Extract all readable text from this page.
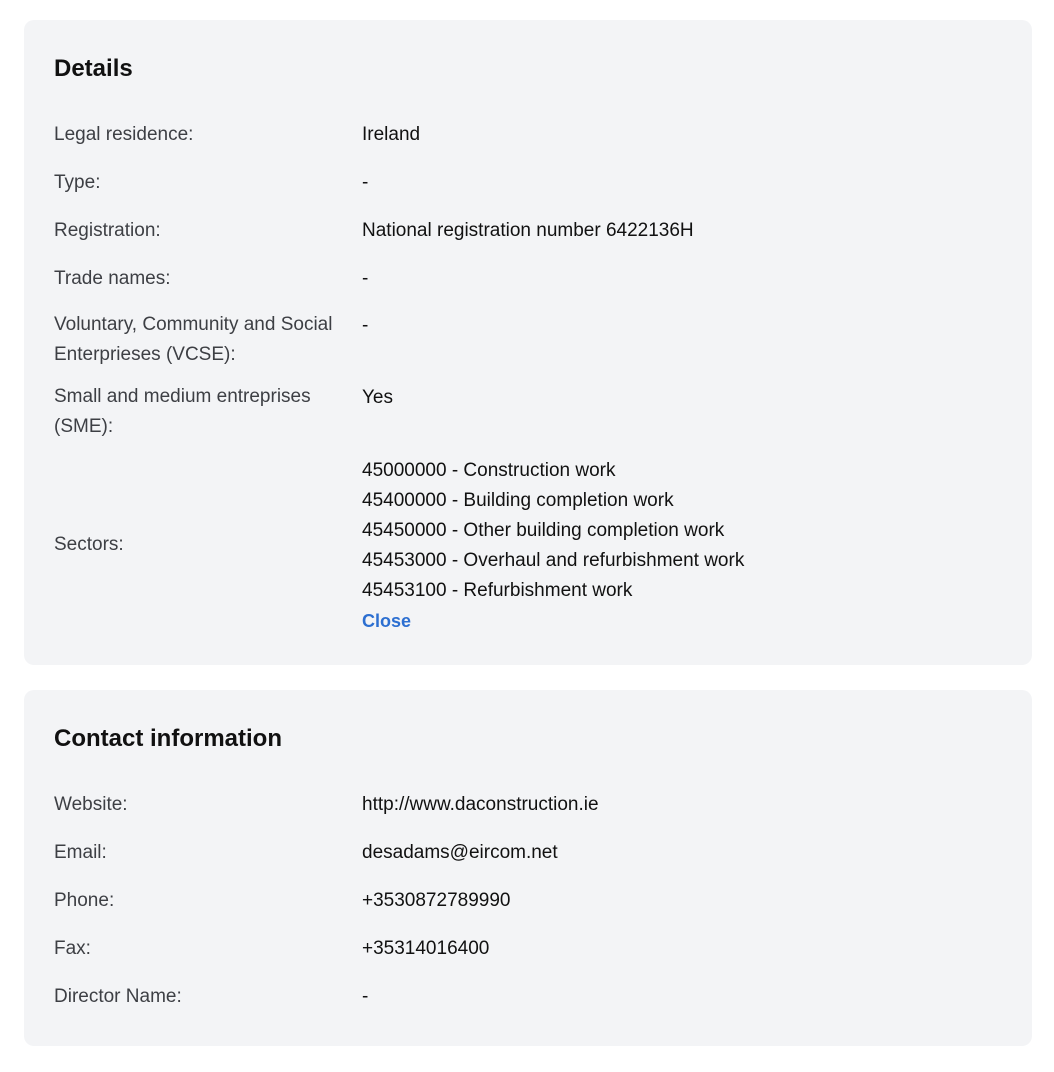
Details
Legal residence:	Ireland
Type:	-
Registration:	National registration number 6422136H
Trade names:	-
Voluntary, Community and Social Enterprieses (VCSE):
-
Small and medium entreprises (SME):
Yes
Sectors:
45000000 - Construction work
45400000 - Building completion work
45450000 - Other building completion work
45453000 - Overhaul and refurbishment work
45453100 - Refurbishment work
Close
Contact information
Website:	http://www.daconstruction.ie
Email:	desadams@eircom.net
Phone:	+3530872789990
Fax:	+35314016400
Director Name:	-
